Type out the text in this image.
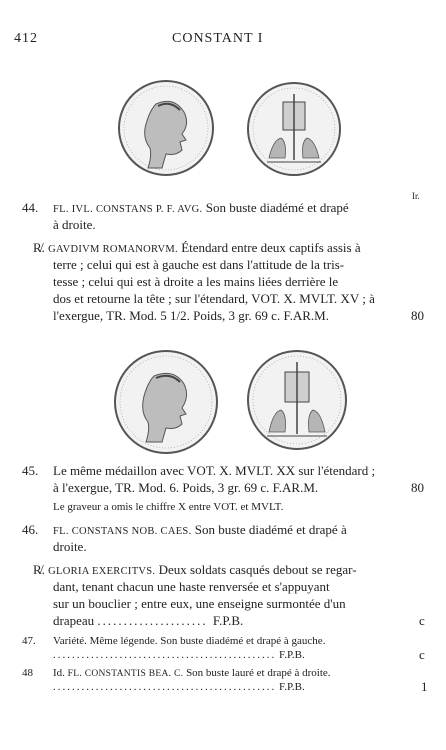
412	CONSTANT I
Ir.
44. FL. IVL. CONSTANS P. F. AVG. Son buste diadémé et drapé
à droite.
R̸. GAVDIVM ROMANORVM. Étendard entre deux captifs assis à
terre ; celui qui est à gauche est dans l'attitude de la tris-
tesse ; celui qui est à droite a les mains liées derrière le
dos et retourne la tête ; sur l'étendard, VOT. X. MVLT. XV ; à
l'exergue, TR. Mod. 5 1/2. Poids, 3 gr. 69 c. F.AR.M.	80
45. Le même médaillon avec VOT. X. MVLT. XX sur l'étendard ;
à l'exergue, TR. Mod. 6. Poids, 3 gr. 69 c. F.AR.M.	80
Le graveur a omis le chiffre X entre VOT. et MVLT.
46. FL. CONSTANS NOB. CAES. Son buste diadémé et drapé à
droite.
R̸. GLORIA EXERCITVS. Deux soldats casqués debout se regar-
dant, tenant chacun une haste renversée et s'appuyant
sur un bouclier ; entre eux, une enseigne surmontée d'un
drapeau ..................... F.P.B.	c
47. Variété. Même légende. Son buste diadémé et drapé à gauche.
............................................... F.P.B.	c
48 Id. FL. CONSTANTIS BEA. C. Son buste lauré et drapé à droite.
............................................... F.P.B.	1
